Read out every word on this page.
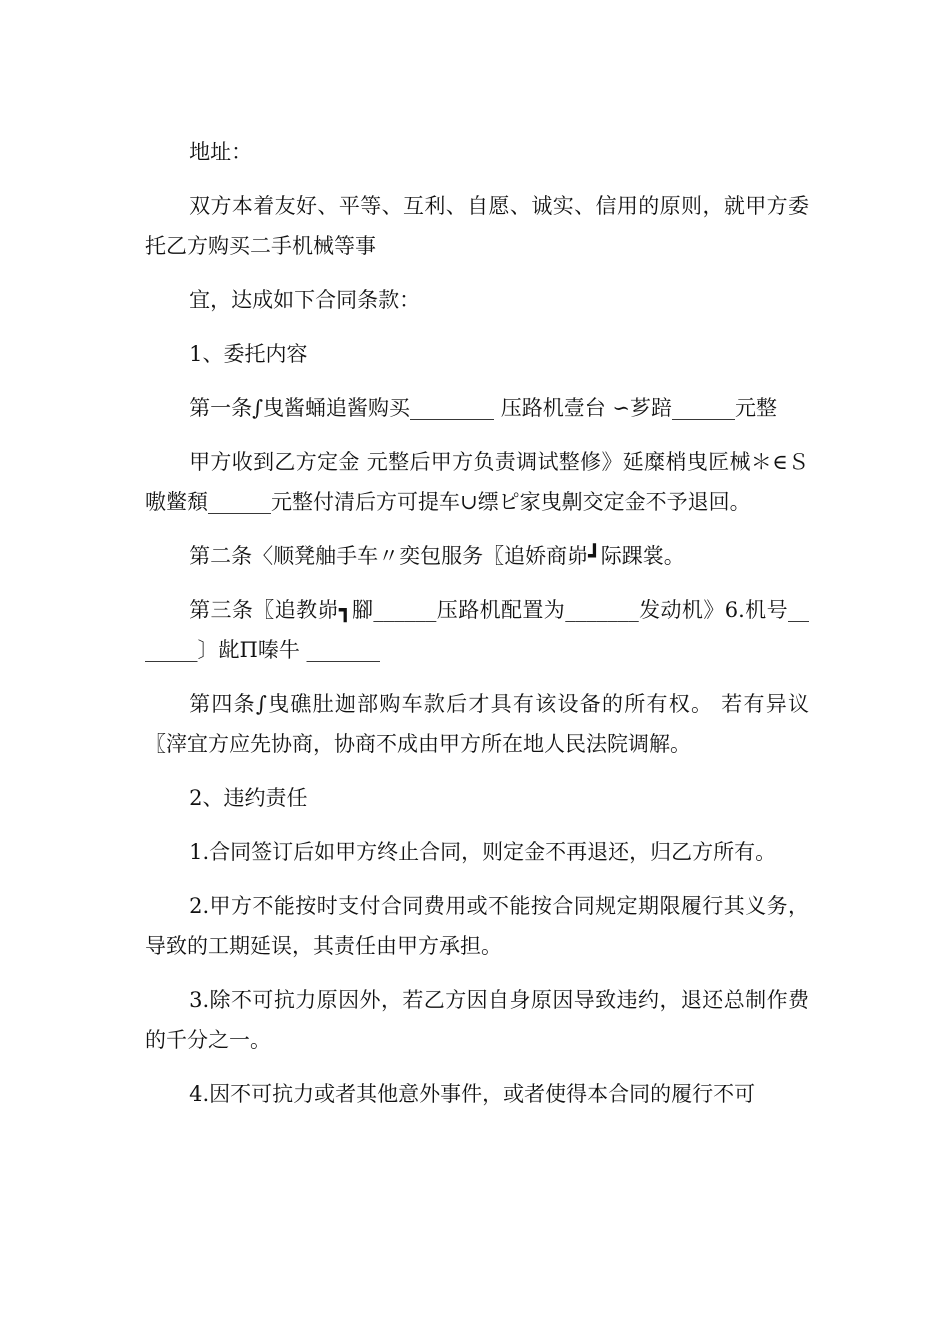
地址：

双方本着友好、平等、互利、自愿、诚实、信用的原则，就甲方委托乙方购买二手机械等事

宜，达成如下合同条款：

1、委托内容

第一条∫曳酱蛹追酱购买________ 压路机壹台 ∽芗踣______元整

甲方收到乙方定金 元整后甲方负责调试整修》延糜梢曳匠械＊∈Ｓ嗷鳖頹______元整付清后方可提车∪缥ピ家曳劓交定金不予退回。

第二条〈顺凳舳手车〃奕包服务〖追娇商峁┛际踝裳。

第三条〖追教峁┓腳______压路机配置为_______发动机》6.机号_______〕龀Π嗪牛 _______

第四条∫曳礁肚迦部购车款后才具有该设备的所有权。 若有异议〖滓宜方应先协商，协商不成由甲方所在地人民法院调解。

2、违约责任

1.合同签订后如甲方终止合同，则定金不再退还，归乙方所有。

2.甲方不能按时支付合同费用或不能按合同规定期限履行其义务，导致的工期延误，其责任由甲方承担。

3.除不可抗力原因外，若乙方因自身原因导致违约，退还总制作费的千分之一。

4.因不可抗力或者其他意外事件，或者使得本合同的履行不可
